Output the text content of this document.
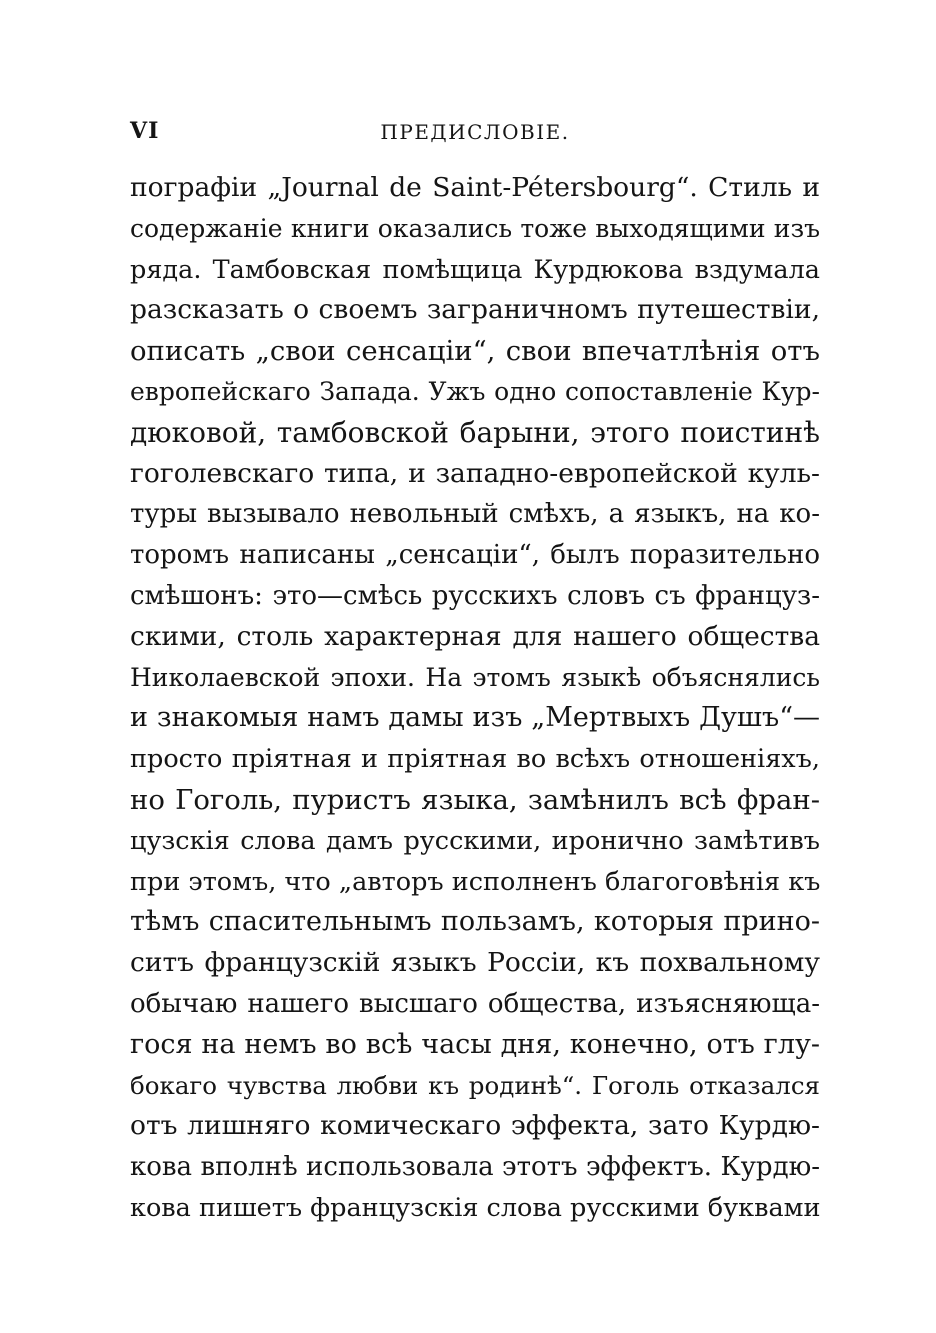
VI	ПРЕДИСЛОВІЕ.
пографіи „Journal de Saint-Pétersbourg“. Стиль и
содержаніе книги оказались тоже выходящими изъ
ряда. Тамбовская помѣщица Курдюкова вздумала
разсказать о своемъ заграничномъ путешествіи,
описать „свои сенсаціи“, свои впечатлѣнія отъ
европейскаго Запада. Ужъ одно сопоставленіе Кур-
дюковой, тамбовской барыни, этого поистинѣ
гоголевскаго типа, и западно-европейской куль-
туры вызывало невольный смѣхъ, а языкъ, на ко-
торомъ написаны „сенсаціи“, былъ поразительно
смѣшонъ: это—смѣсь русскихъ словъ съ француз-
скими, столь характерная для нашего общества
Николаевской эпохи. На этомъ языкѣ объяснялись
и знакомыя намъ дамы изъ „Мертвыхъ Душъ“—
просто пріятная и пріятная во всѣхъ отношеніяхъ,
но Гоголь, пуристъ языка, замѣнилъ всѣ фран-
цузскія слова дамъ русскими, иронично замѣтивъ
при этомъ, что „авторъ исполненъ благоговѣнія къ
тѣмъ спасительнымъ пользамъ, которыя прино-
ситъ французскій языкъ Россіи, къ похвальному
обычаю нашего высшаго общества, изъясняюща-
гося на немъ во всѣ часы дня, конечно, отъ глу-
бокаго чувства любви къ родинѣ“. Гоголь отказался
отъ лишняго комическаго эффекта, зато Курдю-
кова вполнѣ использовала этотъ эффектъ. Курдю-
кова пишетъ французскія слова русскими буквами
